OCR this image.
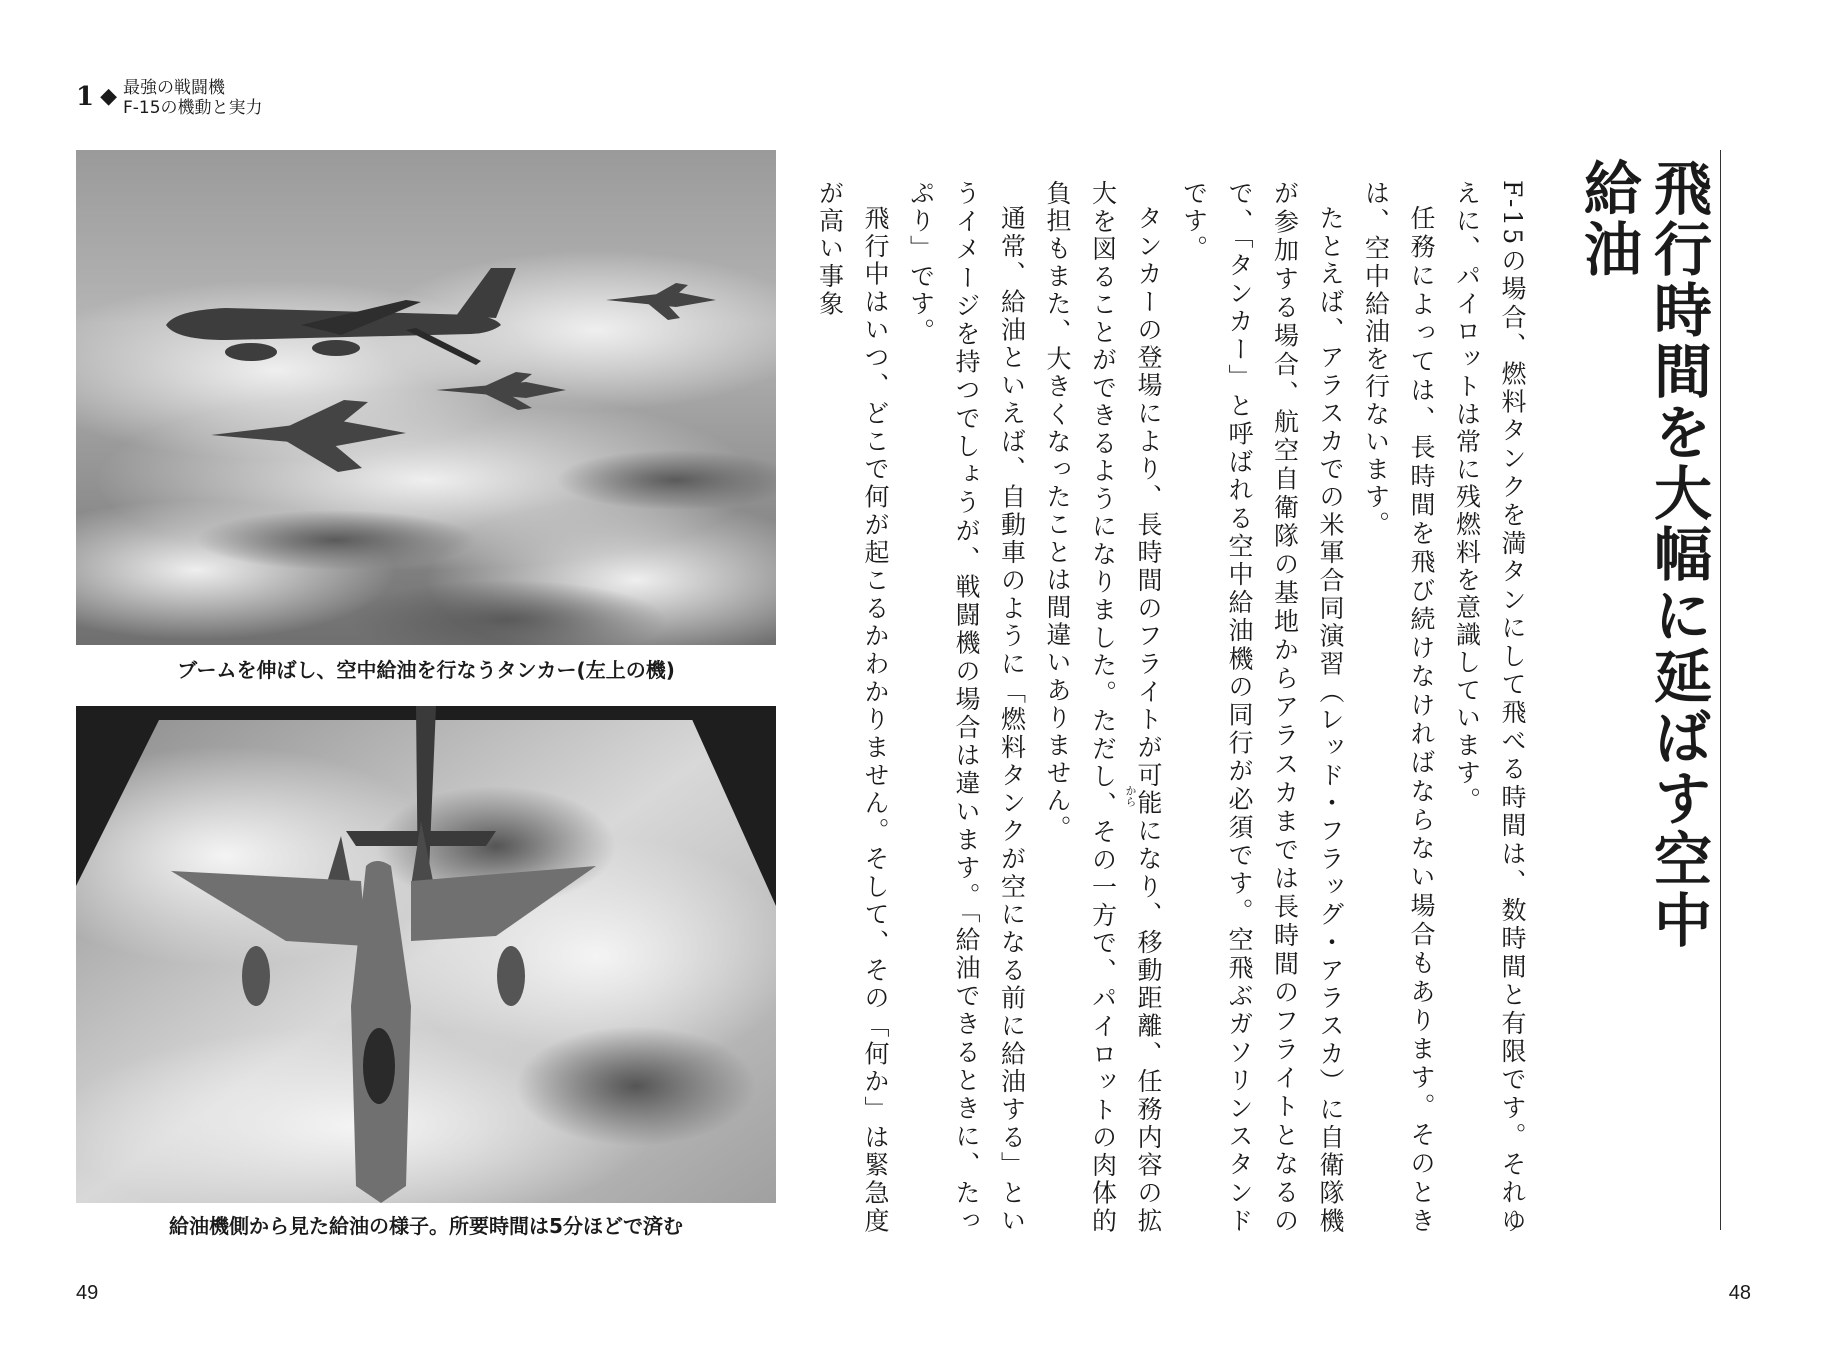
1 ◆ 最強の戦闘機
F-15の機動と実力
ブームを伸ばし、空中給油を行なうタンカー(左上の機)
給油機側から見た給油の様子。所要時間は5分ほどで済む
49
飛行時間を大幅に延ばす空中給油

F-15の場合、燃料タンクを満タンにして飛べる時間は、数時間と有限です。それゆえに、パイロットは常に残燃料を意識しています。

任務によっては、長時間を飛び続けなければならない場合もあります。そのときは、空中給油を行ないます。

たとえば、アラスカでの米軍合同演習（レッド・フラッグ・アラスカ）に自衛隊機が参加する場合、航空自衛隊の基地からアラスカまでは長時間のフライトとなるので、「タンカー」と呼ばれる空中給油機の同行が必須です。空飛ぶガソリンスタンドです。

タンカーの登場により、長時間のフライトが可能になり、移動距離、任務内容の拡大を図ることができるようになりました。ただし、その一方で、パイロットの肉体的負担もまた、大きくなったことは間違いありません。

通常、給油といえば、自動車のように「燃料タンクが空になる前に給油する」というイメージを持つでしょうが、戦闘機の場合は違います。「給油できるときに、たっぷり」です。

飛行中はいつ、どこで何が起こるかわかりません。そして、その「何か」は緊急度が高い事象

から
48
